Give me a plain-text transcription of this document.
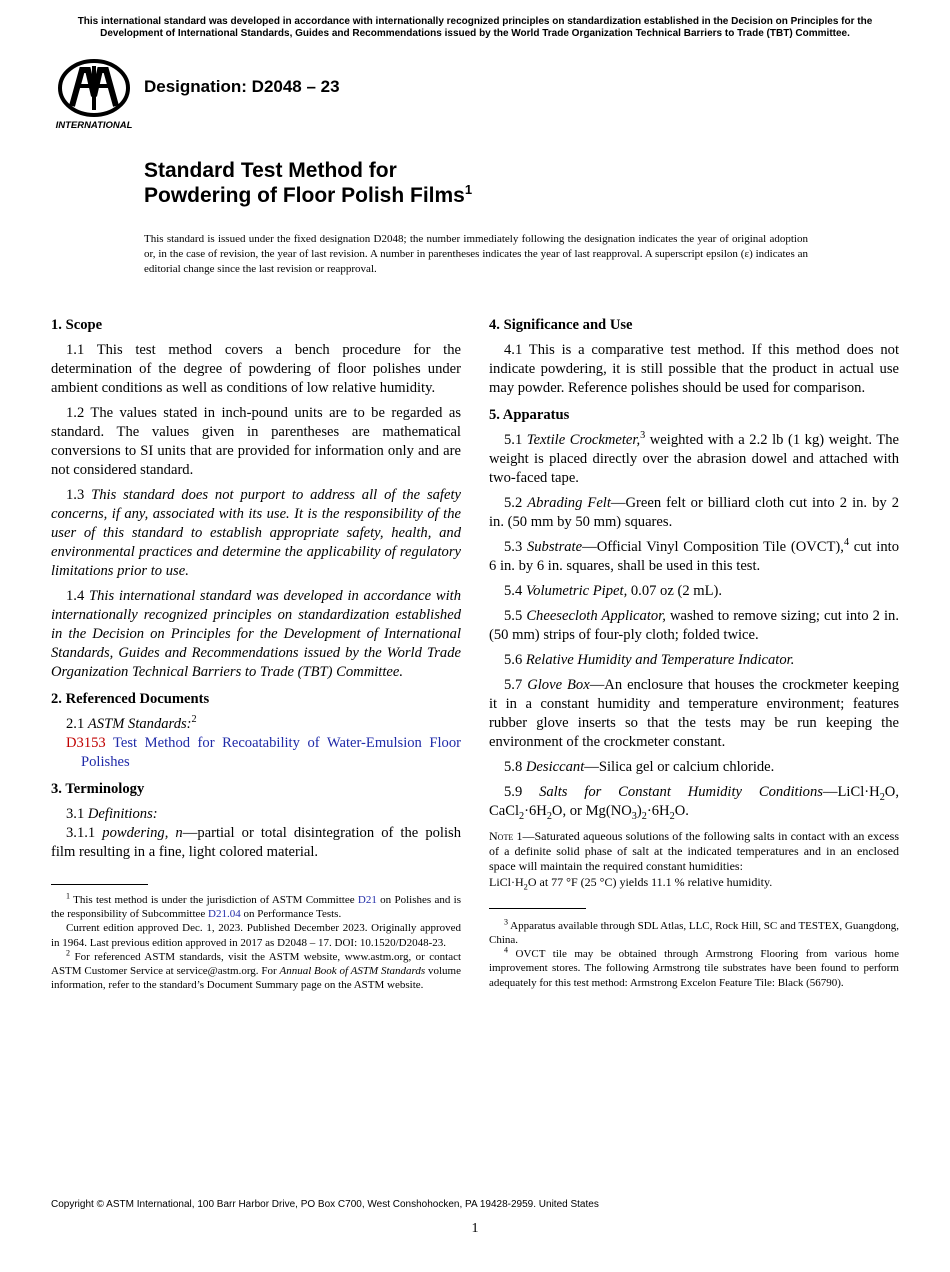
This international standard was developed in accordance with internationally recognized principles on standardization established in the Decision on Principles for the Development of International Standards, Guides and Recommendations issued by the World Trade Organization Technical Barriers to Trade (TBT) Committee.
INTERNATIONAL
Designation: D2048 – 23
Standard Test Method for
Powdering of Floor Polish Films$^1$
This standard is issued under the fixed designation D2048; the number immediately following the designation indicates the year of original adoption or, in the case of revision, the year of last revision. A number in parentheses indicates the year of last reapproval. A superscript epsilon (ε) indicates an editorial change since the last revision or reapproval.
1. Scope

1.1 This test method covers a bench procedure for the determination of the degree of powdering of floor polishes under ambient conditions as well as conditions of low relative humidity.

1.2 The values stated in inch-pound units are to be regarded as standard. The values given in parentheses are mathematical conversions to SI units that are provided for information only and are not considered standard.

1.3 This standard does not purport to address all of the safety concerns, if any, associated with its use. It is the responsibility of the user of this standard to establish appropriate safety, health, and environmental practices and determine the applicability of regulatory limitations prior to use.

1.4 This international standard was developed in accordance with internationally recognized principles on standardization established in the Decision on Principles for the Development of International Standards, Guides and Recommendations issued by the World Trade Organization Technical Barriers to Trade (TBT) Committee.

2. Referenced Documents

2.1 ASTM Standards:$^2$

D3153 Test Method for Recoatability of Water-Emulsion Floor Polishes

3. Terminology

3.1 Definitions:

3.1.1 powdering, n—partial or total disintegration of the polish film resulting in a fine, light colored material.

$^1$ This test method is under the jurisdiction of ASTM Committee D21 on Polishes and is the responsibility of Subcommittee D21.04 on Performance Tests.

Current edition approved Dec. 1, 2023. Published December 2023. Originally approved in 1964. Last previous edition approved in 2017 as D2048 – 17. DOI: 10.1520/D2048-23.

$^2$ For referenced ASTM standards, visit the ASTM website, www.astm.org, or contact ASTM Customer Service at service@astm.org. For Annual Book of ASTM Standards volume information, refer to the standard’s Document Summary page on the ASTM website.

4. Significance and Use

4.1 This is a comparative test method. If this method does not indicate powdering, it is still possible that the product in actual use may powder. Reference polishes should be used for comparison.

5. Apparatus

5.1 Textile Crockmeter,$^3$ weighted with a 2.2 lb (1 kg) weight. The weight is placed directly over the abrasion dowel and attached with two-faced tape.

5.2 Abrading Felt—Green felt or billiard cloth cut into 2 in. by 2 in. (50 mm by 50 mm) squares.

5.3 Substrate—Official Vinyl Composition Tile (OVCT),$^4$ cut into 6 in. by 6 in. squares, shall be used in this test.

5.4 Volumetric Pipet, 0.07 oz (2 mL).

5.5 Cheesecloth Applicator, washed to remove sizing; cut into 2 in. (50 mm) strips of four-ply cloth; folded twice.

5.6 Relative Humidity and Temperature Indicator.

5.7 Glove Box—An enclosure that houses the crockmeter keeping it in a constant humidity and temperature environment; features rubber glove inserts so that the tests may be run keeping the environment of the crockmeter constant.

5.8 Desiccant—Silica gel or calcium chloride.

5.9 Salts for Constant Humidity $Conditions—LiCl\cdot H_2O$, $CaCl_2\cdot 6H_2O$, or $Mg(NO_3)_2\cdot 6H_2O$.

Note 1—Saturated aqueous solutions of the following salts in contact with an excess of a definite solid phase of salt at the indicated temperatures and in an enclosed space will maintain the required constant humidities:

$LiCl\cdot H_2O$ at 77 °F (25 °C) yields 11.1 % relative humidity.

$^3$ Apparatus available through SDL Atlas, LLC, Rock Hill, SC and TESTEX, Guangdong, China.

$^4$ OVCT tile may be obtained through Armstrong Flooring from various home improvement stores. The following Armstrong tile substrates have been found to perform adequately for this test method: Armstrong Excelon Feature Tile: Black (56790).

Copyright © ASTM International, 100 Barr Harbor Drive, PO Box C700, West Conshohocken, PA 19428-2959. United States
1
